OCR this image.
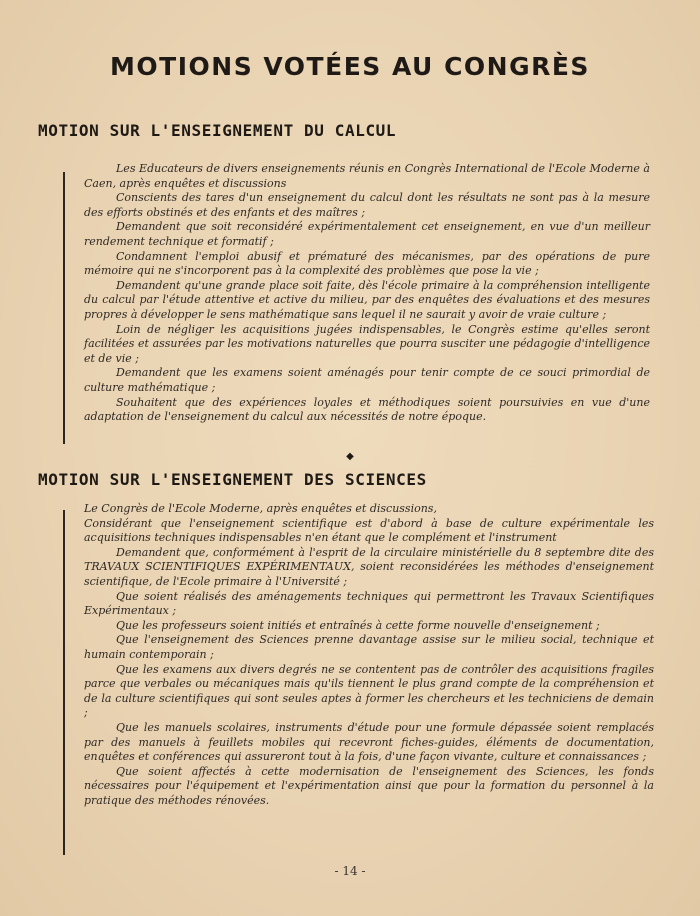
MOTIONS VOTÉES AU CONGRÈS
MOTION SUR L'ENSEIGNEMENT DU CALCUL

Les Educateurs de divers enseignements réunis en Congrès International de l'Ecole Moderne à Caen, après enquêtes et discussions

Conscients des tares d'un enseignement du calcul dont les résultats ne sont pas à la mesure des efforts obstinés et des enfants et des maîtres ;

Demandent que soit reconsidéré expérimentalement cet enseignement, en vue d'un meilleur rendement technique et formatif ;

Condamnent l'emploi abusif et prématuré des mécanismes, par des opérations de pure mémoire qui ne s'incorporent pas à la complexité des problèmes que pose la vie ;

Demandent qu'une grande place soit faite, dès l'école primaire à la compréhension intelligente du calcul par l'étude attentive et active du milieu, par des enquêtes des évaluations et des mesures propres à développer le sens mathématique sans lequel il ne saurait y avoir de vraie culture ;

Loin de négliger les acquisitions jugées indispensables, le Congrès estime qu'elles seront facilitées et assurées par les motivations naturelles que pourra susciter une pédagogie d'intelligence et de vie ;

Demandent que les examens soient aménagés pour tenir compte de ce souci primordial de culture mathématique ;

Souhaitent que des expériences loyales et méthodiques soient poursuivies en vue d'une adaptation de l'enseignement du calcul aux nécessités de notre époque.

◆
MOTION SUR L'ENSEIGNEMENT DES SCIENCES

Le Congrès de l'Ecole Moderne, après enquêtes et discussions,

Considérant que l'enseignement scientifique est d'abord à base de culture expérimentale les acquisitions techniques indispensables n'en étant que le complément et l'instrument

Demandent que, conformément à l'esprit de la circulaire ministérielle du 8 septembre dite des TRAVAUX SCIENTIFIQUES EXPÉRIMENTAUX, soient reconsidérées les méthodes d'enseignement scientifique, de l'Ecole primaire à l'Université ;

Que soient réalisés des aménagements techniques qui permettront les Travaux Scientifiques Expérimentaux ;

Que les professeurs soient initiés et entraînés à cette forme nouvelle d'enseignement ;

Que l'enseignement des Sciences prenne davantage assise sur le milieu social, technique et humain contemporain ;

Que les examens aux divers degrés ne se contentent pas de contrôler des acquisitions fragiles parce que verbales ou mécaniques mais qu'ils tiennent le plus grand compte de la compréhension et de la culture scientifiques qui sont seules aptes à former les chercheurs et les techniciens de demain ;

Que les manuels scolaires, instruments d'étude pour une formule dépassée soient remplacés par des manuels à feuillets mobiles qui recevront fiches-guides, éléments de documentation, enquêtes et conférences qui assureront tout à la fois, d'une façon vivante, culture et connaissances ;

Que soient affectés à cette modernisation de l'enseignement des Sciences, les fonds nécessaires pour l'équipement et l'expérimentation ainsi que pour la formation du personnel à la pratique des méthodes rénovées.

- 14 -
